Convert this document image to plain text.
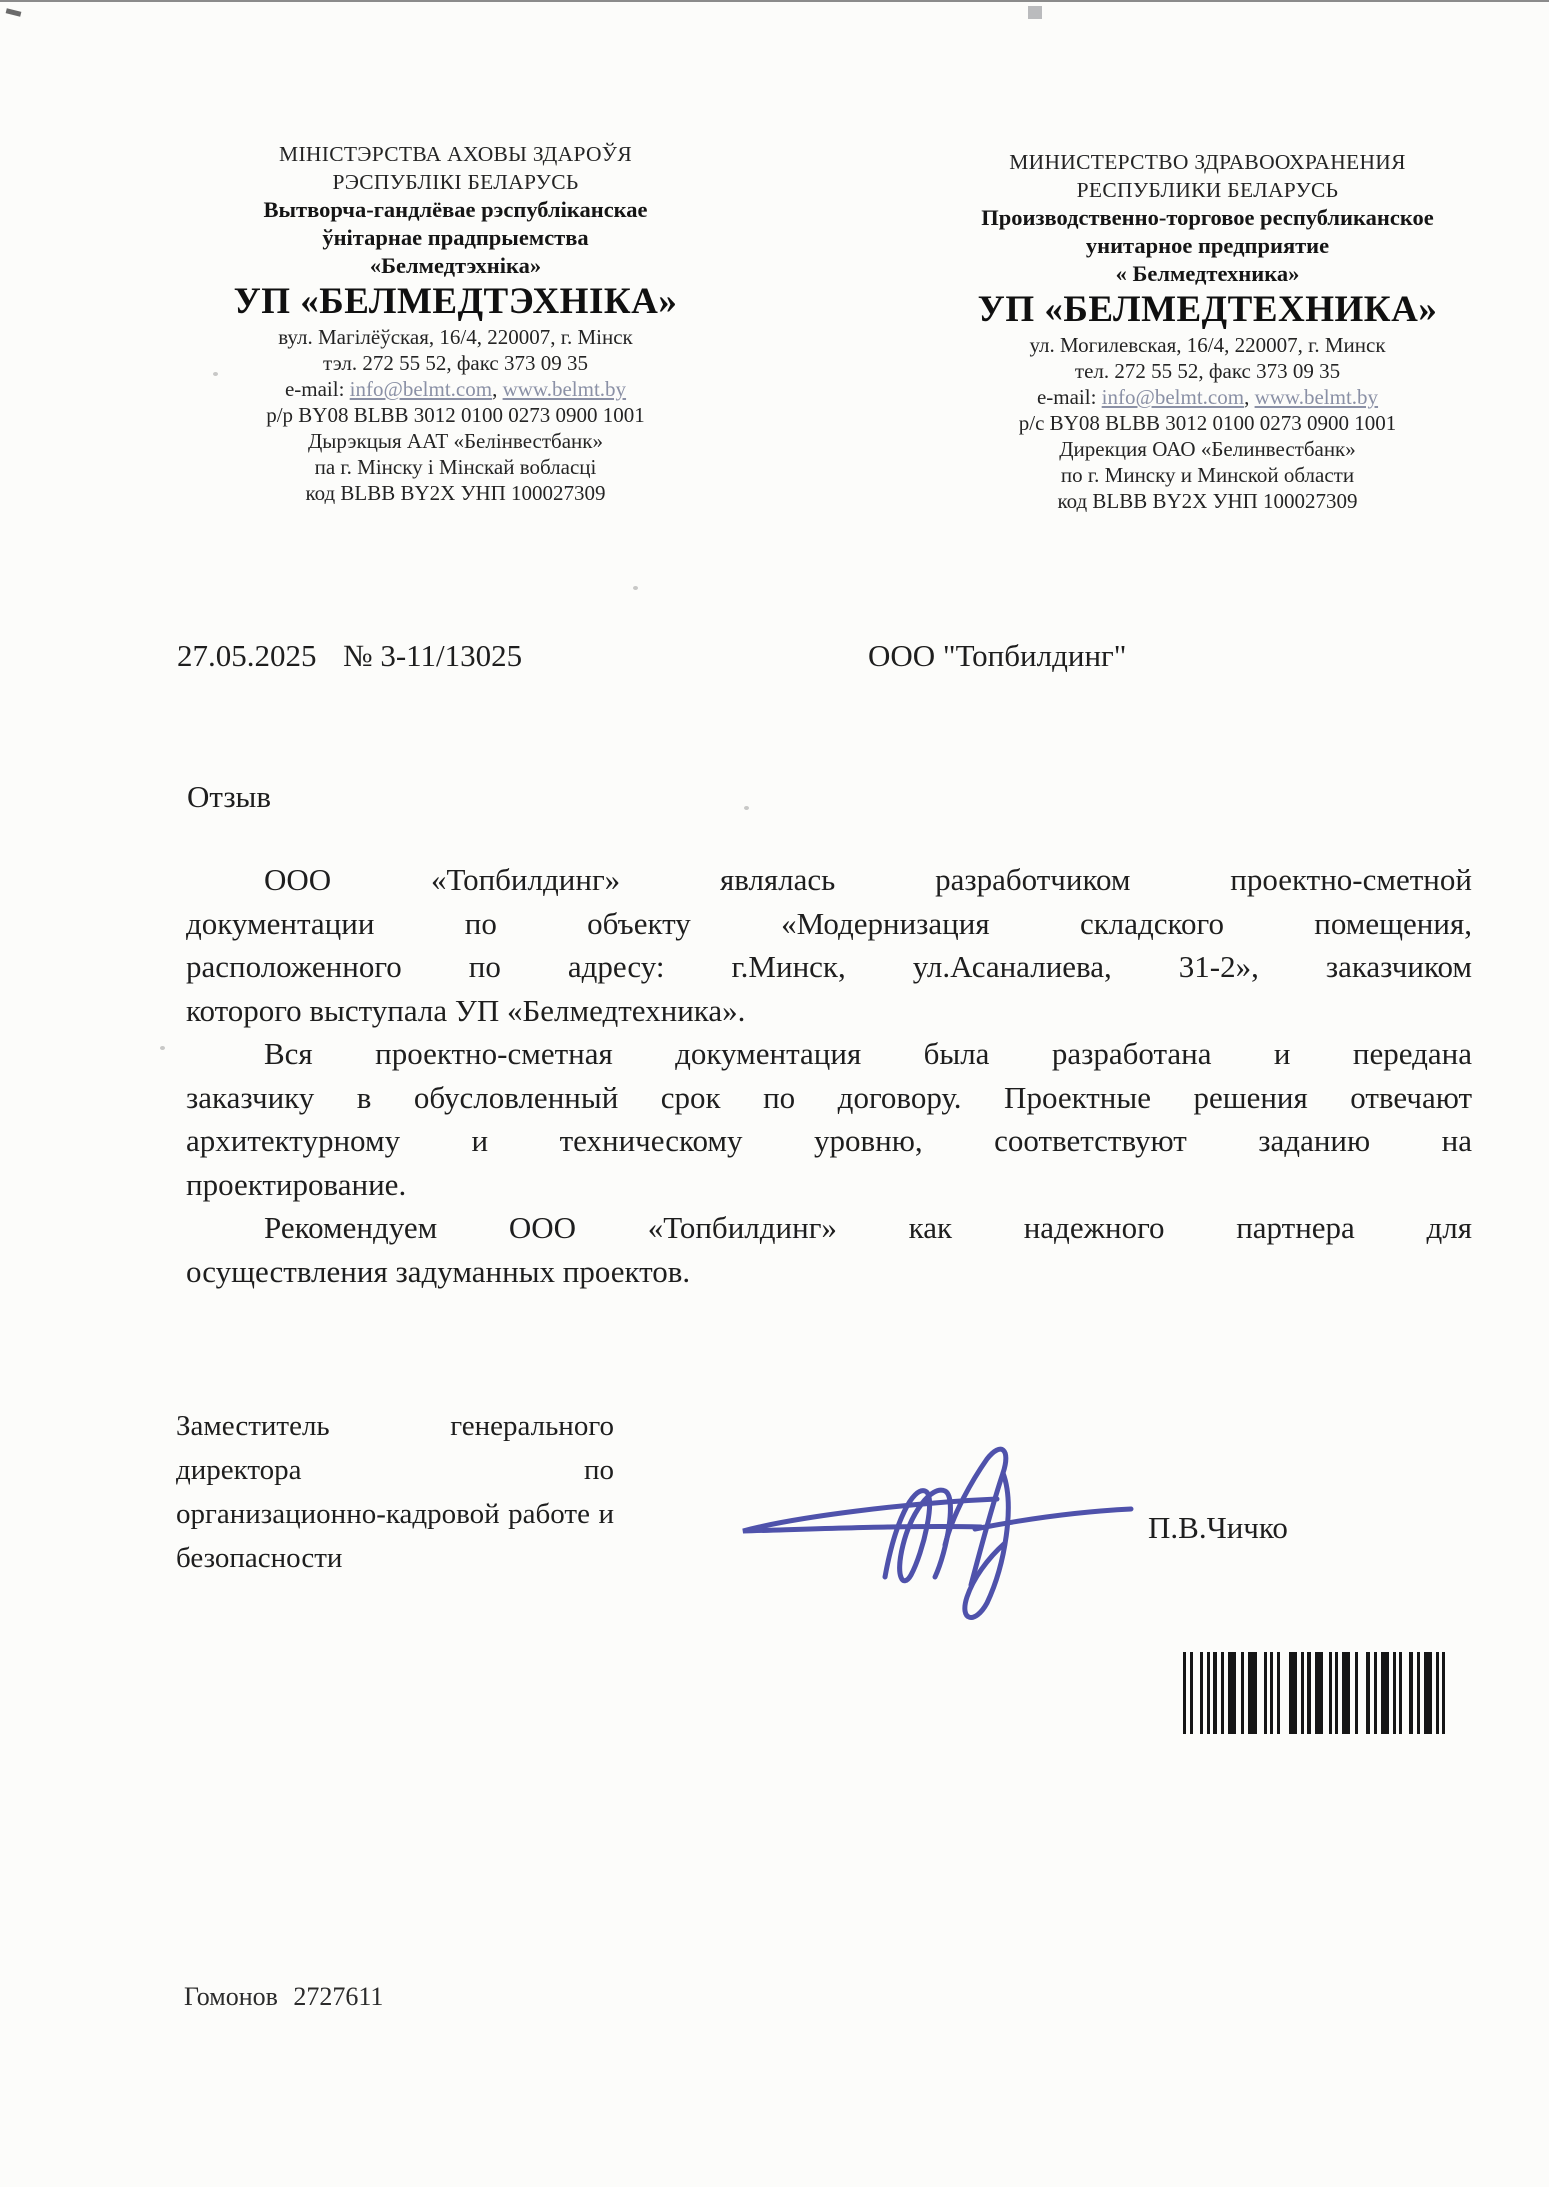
МІНІСТЭРСТВА АХОВЫ ЗДАРОЎЯ
РЭСПУБЛІКІ БЕЛАРУСЬ
Вытворча-гандлёвае рэспубліканскае
ўнітарнае прадпрыемства
«Белмедтэхніка»
УП «БЕЛМЕДТЭХНІКА»
вул. Магілёўская, 16/4, 220007, г. Мінск
тэл. 272 55 52, факс 373 09 35
e-mail: info@belmt.com, www.belmt.by
р/р BY08 BLBB 3012 0100 0273 0900 1001
Дырэкцыя ААТ «Белінвестбанк»
па г. Мінску і Мінскай вобласці
код BLBB BY2X УНП 100027309
МИНИСТЕРСТВО ЗДРАВООХРАНЕНИЯ
РЕСПУБЛИКИ БЕЛАРУСЬ
Производственно-торговое республиканское
унитарное предприятие
« Белмедтехника»
УП «БЕЛМЕДТЕХНИКА»
ул. Могилевская, 16/4, 220007, г. Минск
тел. 272 55 52, факс 373 09 35
e-mail: info@belmt.com, www.belmt.by
р/с BY08 BLBB 3012 0100 0273 0900 1001
Дирекция ОАО «Белинвестбанк»
по г. Минску и Минской области
код BLBB BY2X УНП 100027309
27.05.2025 № 3-11/13025	ООО "Топбилдинг"
Отзыв
ООО «Топбилдинг» являлась разработчиком проектно-сметной
документации по объекту «Модернизация складского помещения,
расположенного по адресу: г.Минск, ул.Асаналиева, 31-2», заказчиком
которого выступала УП «Белмедтехника».
Вся проектно-сметная документация была разработана и передана
заказчику в обусловленный срок по договору. Проектные решения отвечают
архитектурному и техническому уровню, соответствуют заданию на
проектирование.
Рекомендуем ООО «Топбилдинг» как надежного партнера для
осуществления задуманных проектов.
Заместитель генерального директора по
организационно-кадровой работе и
безопасности
П.В.Чичко
Гомонов 2727611
